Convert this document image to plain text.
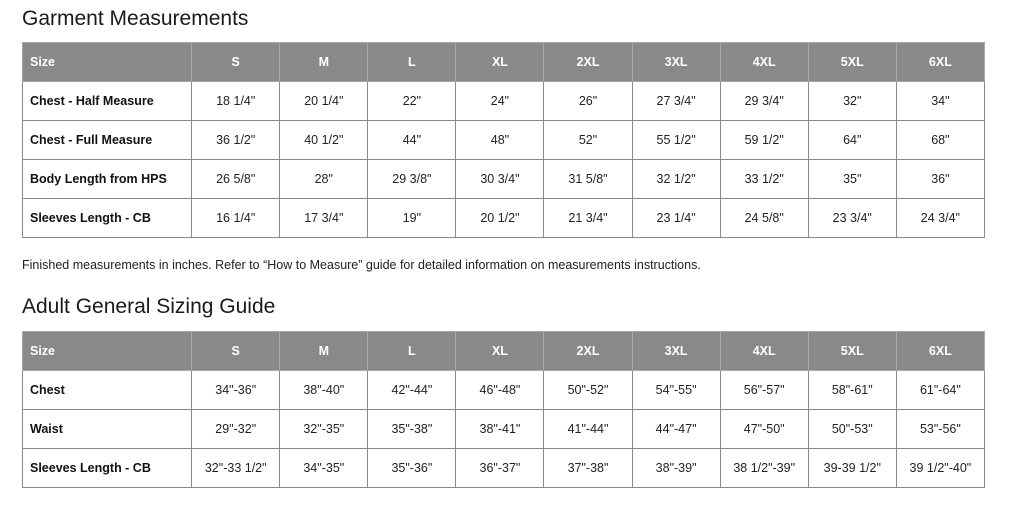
Garment Measurements
Size	S	M	L	XL	2XL	3XL	4XL	5XL	6XL
Chest - Half Measure	18 1/4"	20 1/4"	22"	24"	26"	27 3/4"	29 3/4"	32"	34"
Chest - Full Measure	36 1/2"	40 1/2"	44"	48"	52"	55 1/2"	59 1/2"	64"	68"
Body Length from HPS	26 5/8"	28"	29 3/8"	30 3/4"	31 5/8"	32 1/2"	33 1/2"	35"	36"
Sleeves Length - CB	16 1/4"	17 3/4"	19"	20 1/2"	21 3/4"	23 1/4"	24 5/8"	23 3/4"	24 3/4"

Finished measurements in inches. Refer to “How to Measure” guide for detailed information on measurements instructions.

Adult General Sizing Guide
Size	S	M	L	XL	2XL	3XL	4XL	5XL	6XL
Chest	34"-36"	38"-40"	42"-44"	46"-48"	50"-52"	54"-55"	56"-57"	58"-61"	61"-64"
Waist	29"-32"	32"-35"	35"-38"	38"-41"	41"-44"	44"-47"	47"-50"	50"-53"	53"-56"
Sleeves Length - CB	32"-33 1/2"	34"-35"	35"-36"	36"-37"	37"-38"	38"-39"	38 1/2"-39"	39-39 1/2"	39 1/2"-40"
